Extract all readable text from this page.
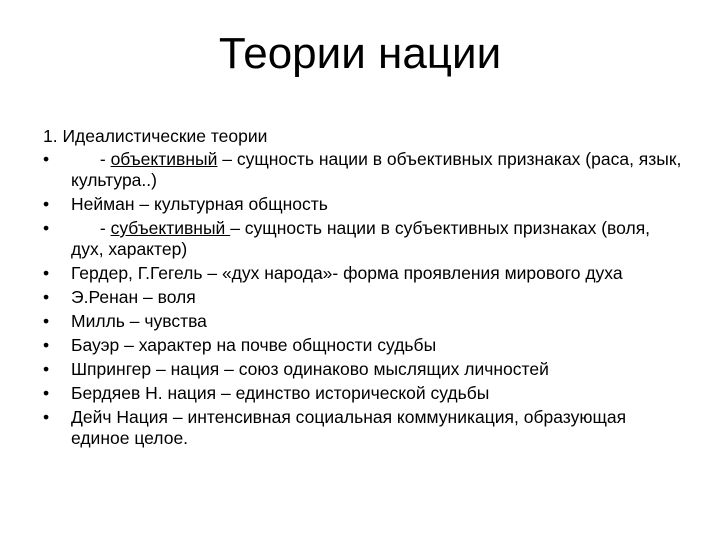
Теории нации
1. Идеалистические теории
•	- объективный – сущность нации в объективных признаках (раса, язык, культура..)
•	Нейман – культурная общность
•	- субъективный – сущность нации в субъективных признаках (воля, дух, характер)
•	Гердер, Г.Гегель – «дух народа»- форма проявления мирового духа
•	Э.Ренан – воля
•	Милль – чувства
•	Бауэр – характер на почве общности судьбы
•	Шпрингер – нация – союз одинаково мыслящих личностей
•	Бердяев Н. нация – единство исторической судьбы
•	Дейч Нация – интенсивная социальная коммуникация, образующая единое целое.
